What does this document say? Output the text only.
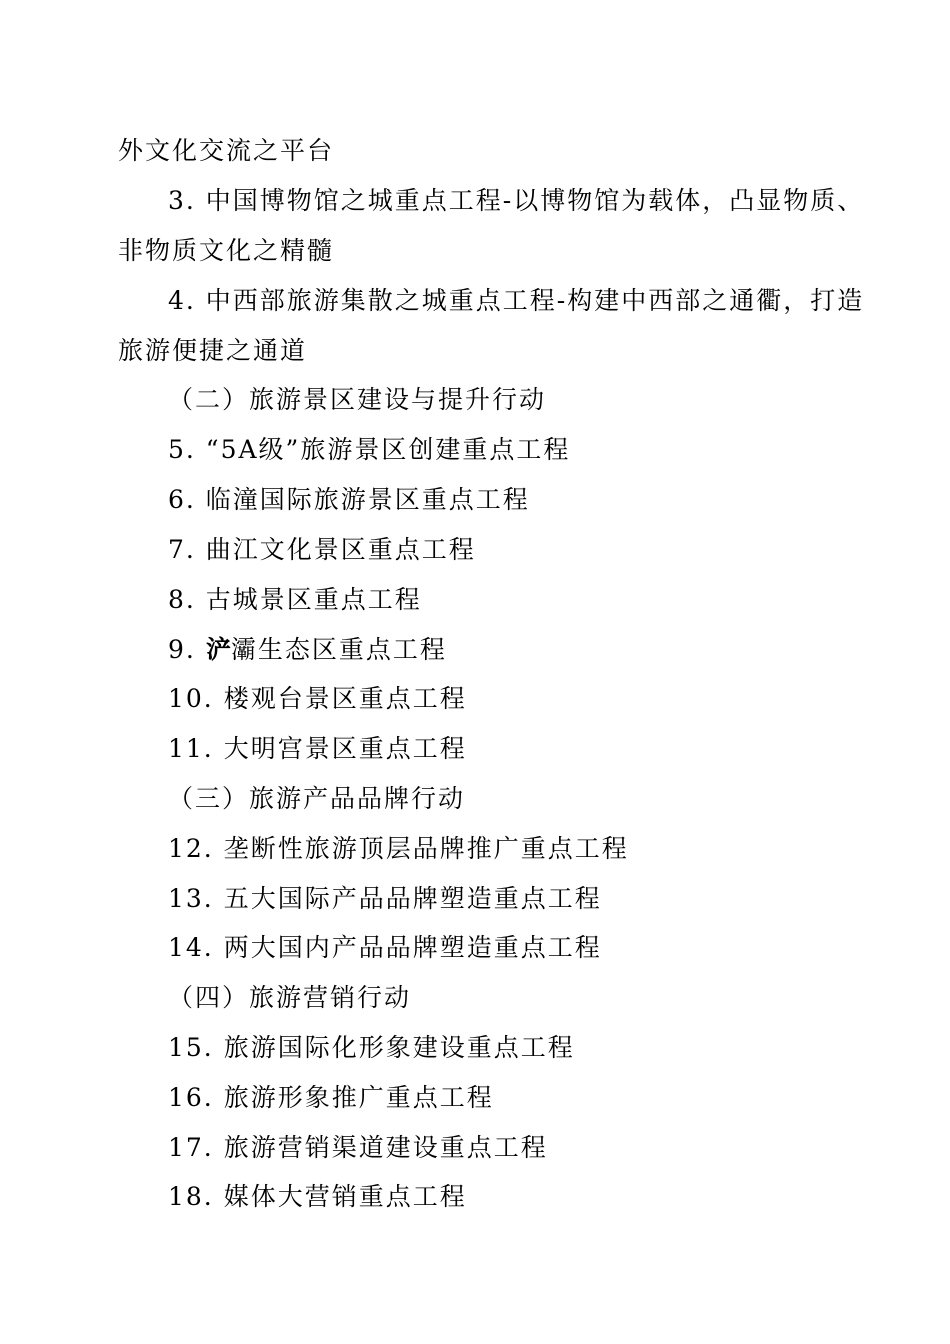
外文化交流之平台
3. 中国博物馆之城重点工程-以博物馆为载体，凸显物质、
非物质文化之精髓
4. 中西部旅游集散之城重点工程-构建中西部之通衢，打造
旅游便捷之通道
（二）旅游景区建设与提升行动
5. “5A级”旅游景区创建重点工程
6. 临潼国际旅游景区重点工程
7. 曲江文化景区重点工程
8. 古城景区重点工程
9. 浐灞生态区重点工程
10. 楼观台景区重点工程
11. 大明宫景区重点工程
（三）旅游产品品牌行动
12. 垄断性旅游顶层品牌推广重点工程
13. 五大国际产品品牌塑造重点工程
14. 两大国内产品品牌塑造重点工程
（四）旅游营销行动
15. 旅游国际化形象建设重点工程
16. 旅游形象推广重点工程
17. 旅游营销渠道建设重点工程
18. 媒体大营销重点工程
